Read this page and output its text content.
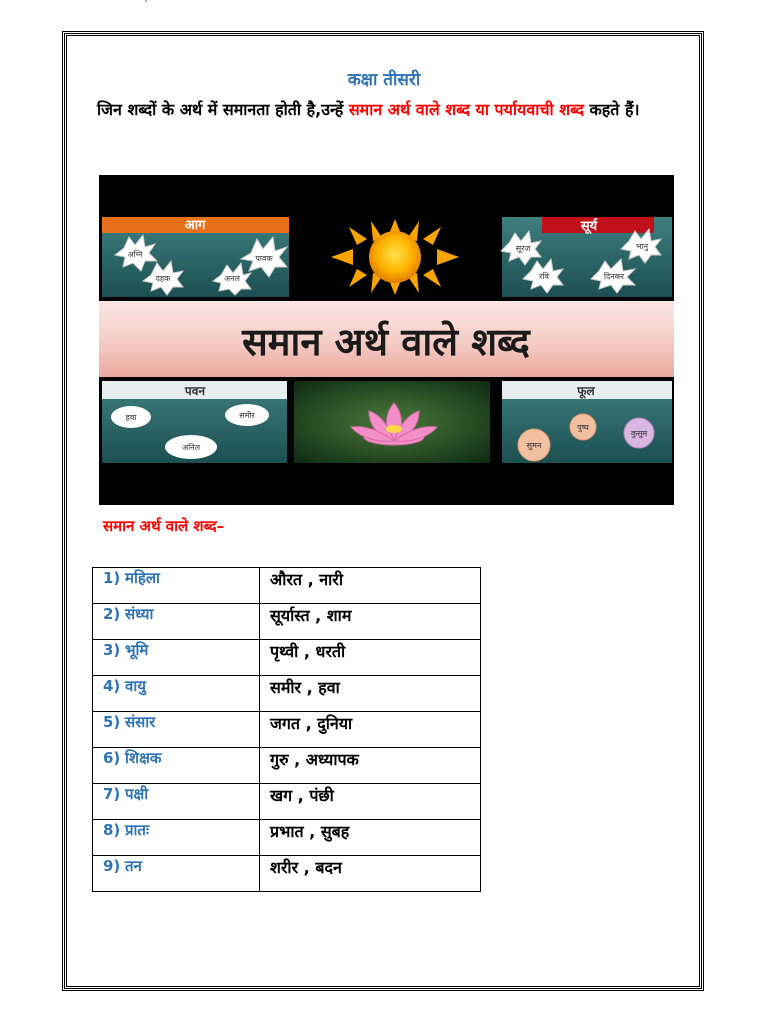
`
कक्षा तीसरी
जिन शब्दों के अर्थ में समानता होती है,उन्हें समान अर्थ वाले शब्द या पर्यायवाची शब्द कहते हैं।
आग
अग्नि	पावक
दहक	अनल
सूर्य
सूरज	भानु
रवि	दिनकर
समान अर्थ वाले शब्द
पवन
हवा	समीर
अनिल
फूल
पुष्प
कुसुम
सुमन
समान अर्थ वाले शब्द–
1) महिला	औरत , नारी
2) संध्या	सूर्यास्त , शाम
3) भूमि	पृथ्वी , धरती
4) वायु	समीर , हवा
5) संसार	जगत , दुनिया
6) शिक्षक	गुरु , अध्यापक
7) पक्षी	खग , पंछी
8) प्रातः	प्रभात , सुबह
9) तन	शरीर , बदन
